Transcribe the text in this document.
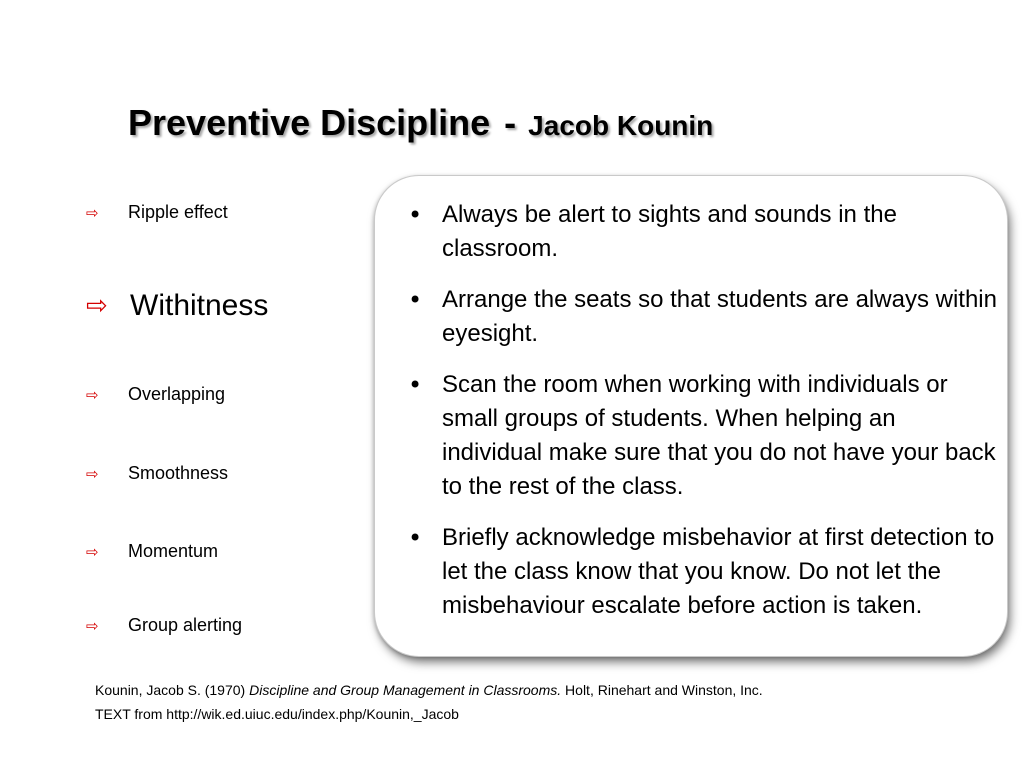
Preventive Discipline - Jacob Kounin
⇨	Ripple effect
⇨ Withitness
⇨	Overlapping
⇨	Smoothness
⇨	Momentum
⇨	Group alerting
• Always be alert to sights and sounds in the classroom.
• Arrange the seats so that students are always within eyesight.
• Scan the room when working with individuals or small groups of students. When helping an individual make sure that you do not have your back to the rest of the class.
• Briefly acknowledge misbehavior at first detection to let the class know that you know. Do not let the misbehaviour escalate before action is taken.
Kounin, Jacob S. (1970) Discipline and Group Management in Classrooms. Holt, Rinehart and Winston, Inc.
TEXT from http://wik.ed.uiuc.edu/index.php/Kounin,_Jacob
